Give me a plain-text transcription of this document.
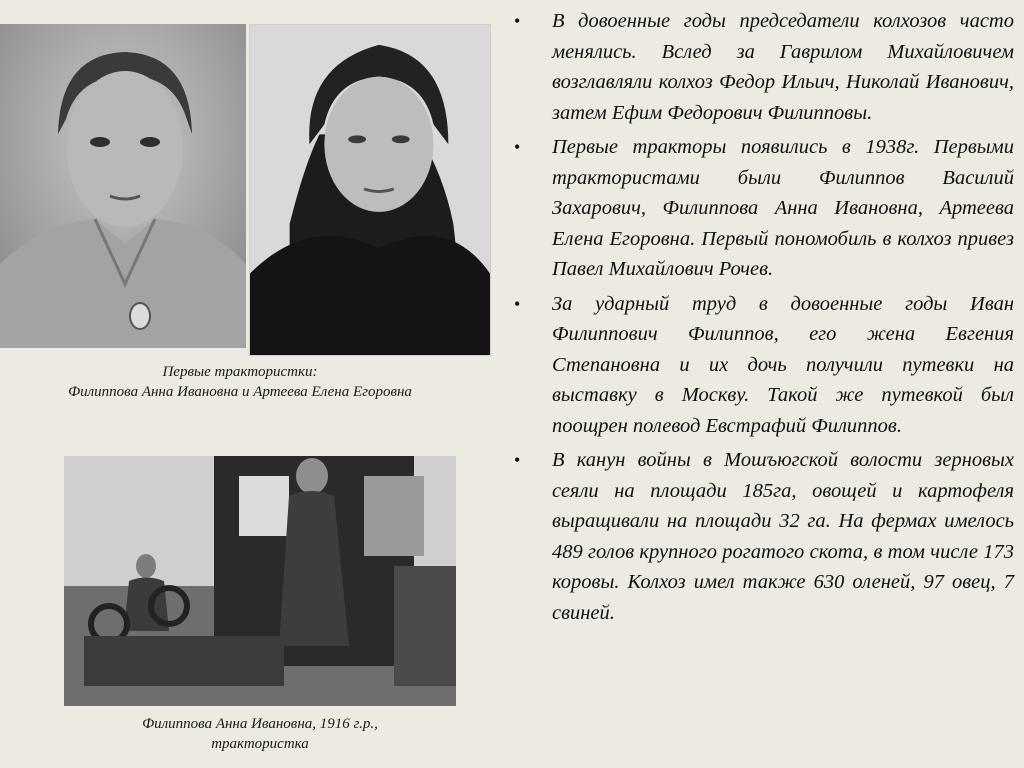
Первые трактористки:
Филиппова Анна Ивановна и Артеева Елена Егоровна
Филиппова Анна Ивановна, 1916 г.р.,
трактористка
• В довоенные годы председатели колхозов часто менялись. Вслед за Гаврилом Михайловичем возглавляли колхоз Федор Ильич, Николай Иванович, затем Ефим Федорович Филипповы.
• Первые тракторы появились в 1938г. Первыми трактористами были Филиппов Василий Захарович, Филиппова Анна Ивановна, Артеева Елена Егоровна. Первый пономобиль в колхоз привез Павел Михайлович Рочев.
• За ударный труд в довоенные годы Иван Филиппович Филиппов, его жена Евгения Степановна и их дочь получили путевки на выставку в Москву. Такой же путевкой был поощрен полевод Евстрафий Филиппов.
• В канун войны в Мошъюгской волости зерновых сеяли на площади 185га, овощей и картофеля выращивали на площади 32 га. На фермах имелось 489 голов крупного рогатого скота, в том числе 173 коровы. Колхоз имел также 630 оленей, 97 овец, 7 свиней.
